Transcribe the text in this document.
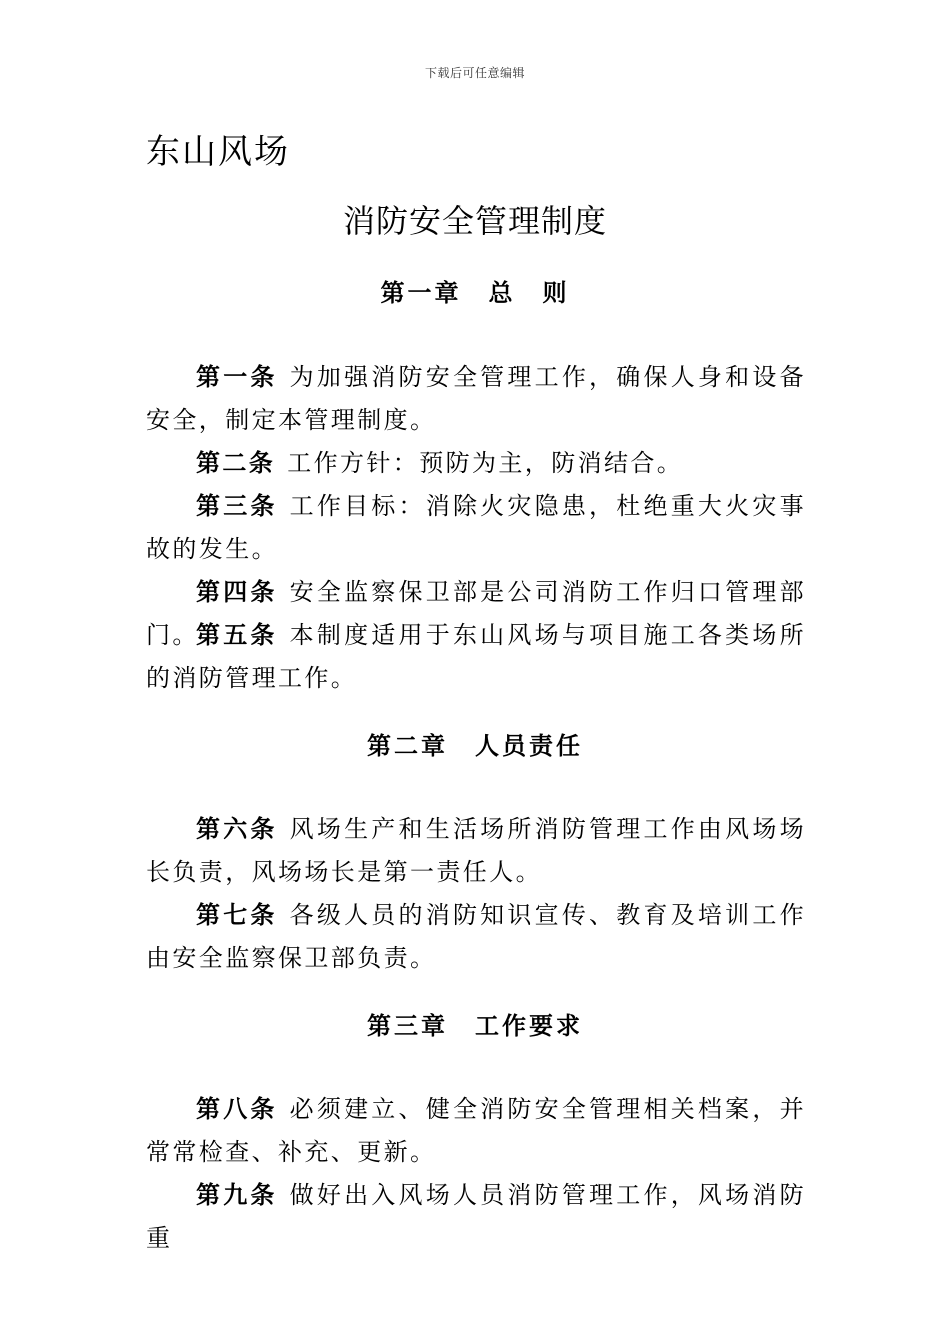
下载后可任意编辑
东山风场
消防安全管理制度
第一章　总　则
第一条 为加强消防安全管理工作，确保人身和设备安全，制定本管理制度。
第二条 工作方针：预防为主，防消结合。
第三条 工作目标：消除火灾隐患，杜绝重大火灾事故的发生。
第四条 安全监察保卫部是公司消防工作归口管理部门。
第五条 本制度适用于东山风场与项目施工各类场所的消防管理工作。
第二章　人员责任
第六条 风场生产和生活场所消防管理工作由风场场长负责，风场场长是第一责任人。
第七条 各级人员的消防知识宣传、教育及培训工作由安全监察保卫部负责。
第三章　工作要求
第八条 必须建立、健全消防安全管理相关档案，并常常检查、补充、更新。
第九条 做好出入风场人员消防管理工作，风场消防重
